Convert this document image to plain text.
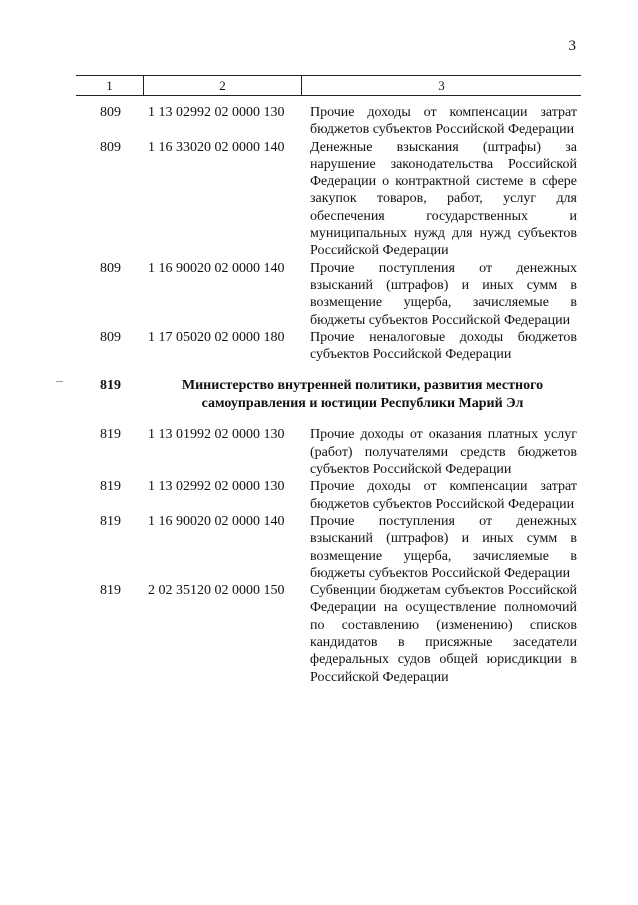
3
1	2	3
809	1 13 02992 02 0000 130	Прочие доходы от компенсации затрат бюджетов субъектов Российской Федерации
809	1 16 33020 02 0000 140	Денежные взыскания (штрафы) за нарушение законодательства Российской Федерации о контрактной системе в сфере закупок товаров, работ, услуг для обеспечения государственных и муниципальных нужд для нужд субъектов Российской Федерации
809	1 16 90020 02 0000 140	Прочие поступления от денежных взысканий (штрафов) и иных сумм в возмещение ущерба, зачисляемые в бюджеты субъектов Российской Федерации
809	1 17 05020 02 0000 180	Прочие неналоговые доходы бюджетов субъектов Российской Федерации
819	Министерство внутренней политики, развития местного самоуправления и юстиции Республики Марий Эл
819	1 13 01992 02 0000 130	Прочие доходы от оказания платных услуг (работ) получателями средств бюджетов субъектов Российской Федерации
819	1 13 02992 02 0000 130	Прочие доходы от компенсации затрат бюджетов субъектов Российской Федерации
819	1 16 90020 02 0000 140	Прочие поступления от денежных взысканий (штрафов) и иных сумм в возмещение ущерба, зачисляемые в бюджеты субъектов Российской Федерации
819	2 02 35120 02 0000 150	Субвенции бюджетам субъектов Российской Федерации на осуществление полномочий по составлению (изменению) списков кандидатов в присяжные заседатели федеральных судов общей юрисдикции в Российской Федерации
